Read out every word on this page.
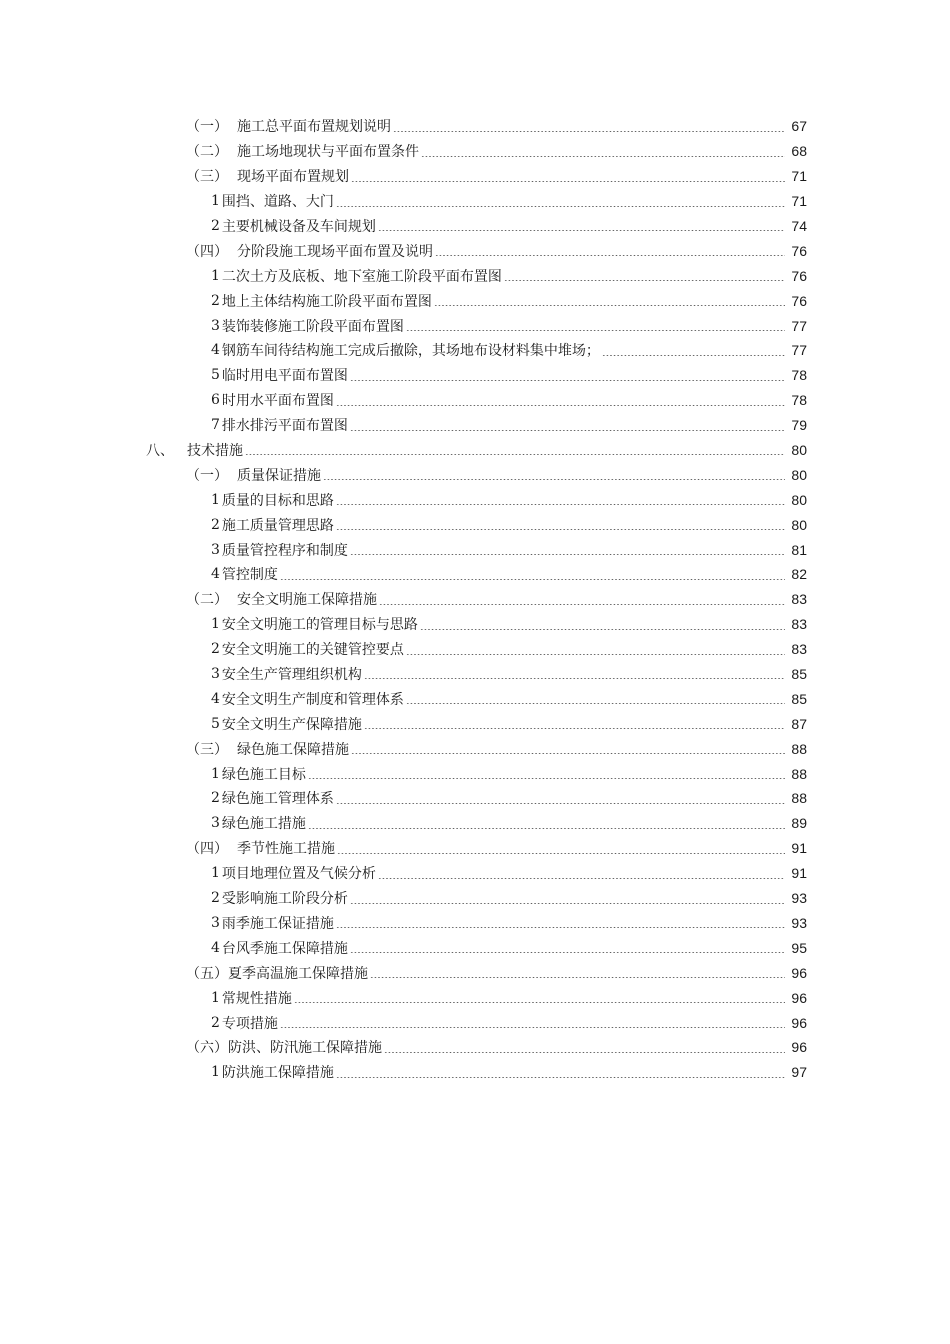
（一） 施工总平面布置规划说明	67
（二） 施工场地现状与平面布置条件	68
（三） 现场平面布置规划	71
1 围挡、道路、大门	71
2 主要机械设备及车间规划	74
（四） 分阶段施工现场平面布置及说明	76
1 二次土方及底板、地下室施工阶段平面布置图	76
2 地上主体结构施工阶段平面布置图	76
3 装饰装修施工阶段平面布置图	77
4 钢筋车间待结构施工完成后撤除，其场地布设材料集中堆场；	77
5 临时用电平面布置图	78
6 时用水平面布置图	78
7 排水排污平面布置图	79
八、 技术措施	80
（一） 质量保证措施	80
1 质量的目标和思路	80
2 施工质量管理思路	80
3 质量管控程序和制度	81
4 管控制度	82
（二） 安全文明施工保障措施	83
1 安全文明施工的管理目标与思路	83
2 安全文明施工的关键管控要点	83
3 安全生产管理组织机构	85
4 安全文明生产制度和管理体系	85
5 安全文明生产保障措施	87
（三） 绿色施工保障措施	88
1 绿色施工目标	88
2 绿色施工管理体系	88
3 绿色施工措施	89
（四） 季节性施工措施	91
1 项目地理位置及气候分析	91
2 受影响施工阶段分析	93
3 雨季施工保证措施	93
4 台风季施工保障措施	95
（五） 夏季高温施工保障措施	96
1 常规性措施	96
2 专项措施	96
（六） 防洪、防汛施工保障措施	96
1 防洪施工保障措施	97
